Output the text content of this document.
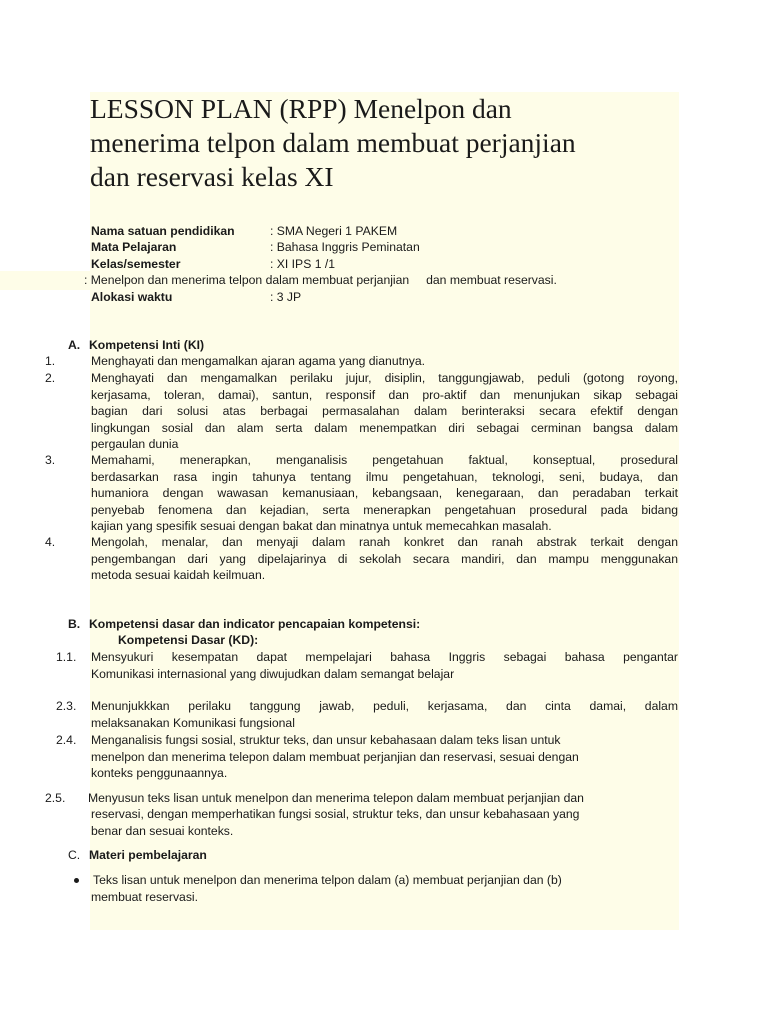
LESSON PLAN (RPP) Menelpon dan
menerima telpon dalam membuat perjanjian
dan reservasi kelas XI
Nama satuan pendidikan	: SMA Negeri 1 PAKEM
Mata Pelajaran	: Bahasa Inggris Peminatan
Kelas/semester	: XI IPS 1 /1
: Menelpon dan menerima telpon dalam membuat perjanjian     dan membuat reservasi.
Alokasi waktu	: 3 JP
A. Kompetensi Inti (KI)
1.	Menghayati dan mengamalkan ajaran agama yang dianutnya.
2.	Menghayati dan mengamalkan perilaku jujur, disiplin, tanggungjawab, peduli (gotong royong,
kerjasama, toleran, damai), santun, responsif dan pro-aktif dan menunjukan sikap sebagai
bagian dari solusi atas berbagai permasalahan dalam berinteraksi secara efektif dengan
lingkungan sosial dan alam serta dalam menempatkan diri sebagai cerminan bangsa dalam
pergaulan dunia
3.	Memahami, menerapkan, menganalisis pengetahuan faktual, konseptual, prosedural
berdasarkan rasa ingin tahunya tentang ilmu pengetahuan, teknologi, seni, budaya, dan
humaniora dengan wawasan kemanusiaan, kebangsaan, kenegaraan, dan peradaban terkait
penyebab fenomena dan kejadian, serta menerapkan pengetahuan prosedural pada bidang
kajian yang spesifik sesuai dengan bakat dan minatnya untuk memecahkan masalah.
4.	Mengolah, menalar, dan menyaji dalam ranah konkret dan ranah abstrak terkait dengan
pengembangan dari yang dipelajarinya di sekolah secara mandiri, dan mampu menggunakan
metoda sesuai kaidah keilmuan.
B. Kompetensi dasar dan indicator pencapaian kompetensi:
Kompetensi Dasar (KD):
1.1. Mensyukuri kesempatan dapat mempelajari bahasa Inggris sebagai bahasa pengantar
Komunikasi internasional yang diwujudkan dalam semangat belajar
2.3. Menunjukkkan perilaku tanggung jawab, peduli, kerjasama, dan cinta damai, dalam
melaksanakan Komunikasi fungsional
2.4. Menganalisis fungsi sosial, struktur teks, dan unsur kebahasaan dalam teks lisan untuk
menelpon dan menerima telepon dalam membuat perjanjian dan reservasi, sesuai dengan
konteks penggunaannya.
2.5. Menyusun teks lisan untuk menelpon dan menerima telepon dalam membuat perjanjian dan
reservasi, dengan memperhatikan fungsi sosial, struktur teks, dan unsur kebahasaan yang
benar dan sesuai konteks.
C. Materi pembelajaran
Teks lisan untuk menelpon dan menerima telpon dalam (a) membuat perjanjian dan (b)
membuat reservasi.
